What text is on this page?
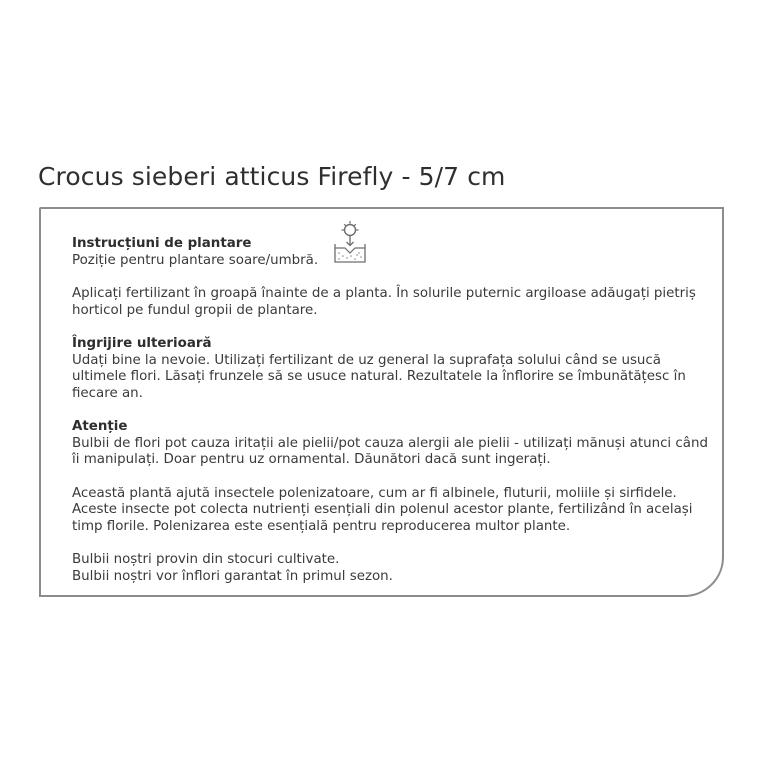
Crocus sieberi atticus Firefly - 5/7 cm

Instrucțiuni de plantare

Poziție pentru plantare soare/umbră.

Aplicați fertilizant în groapă înainte de a planta. În solurile puternic argiloase adăugați pietriș horticol pe fundul gropii de plantare.

Îngrijire ulterioară

Udați bine la nevoie. Utilizați fertilizant de uz general la suprafața solului când se usucă ultimele flori. Lăsați frunzele să se usuce natural. Rezultatele la înflorire se îmbunătățesc în fiecare an.

Atenție

Bulbii de flori pot cauza iritații ale pielii/pot cauza alergii ale pielii - utilizați mănuși atunci când îi manipulați. Doar pentru uz ornamental. Dăunători dacă sunt ingerați.

Această plantă ajută insectele polenizatoare, cum ar fi albinele, fluturii, moliile și sirfidele.

Aceste insecte pot colecta nutrienți esențiali din polenul acestor plante, fertilizând în același timp florile. Polenizarea este esențială pentru reproducerea multor plante.

Bulbii noștri provin din stocuri cultivate.

Bulbii noștri vor înflori garantat în primul sezon.
